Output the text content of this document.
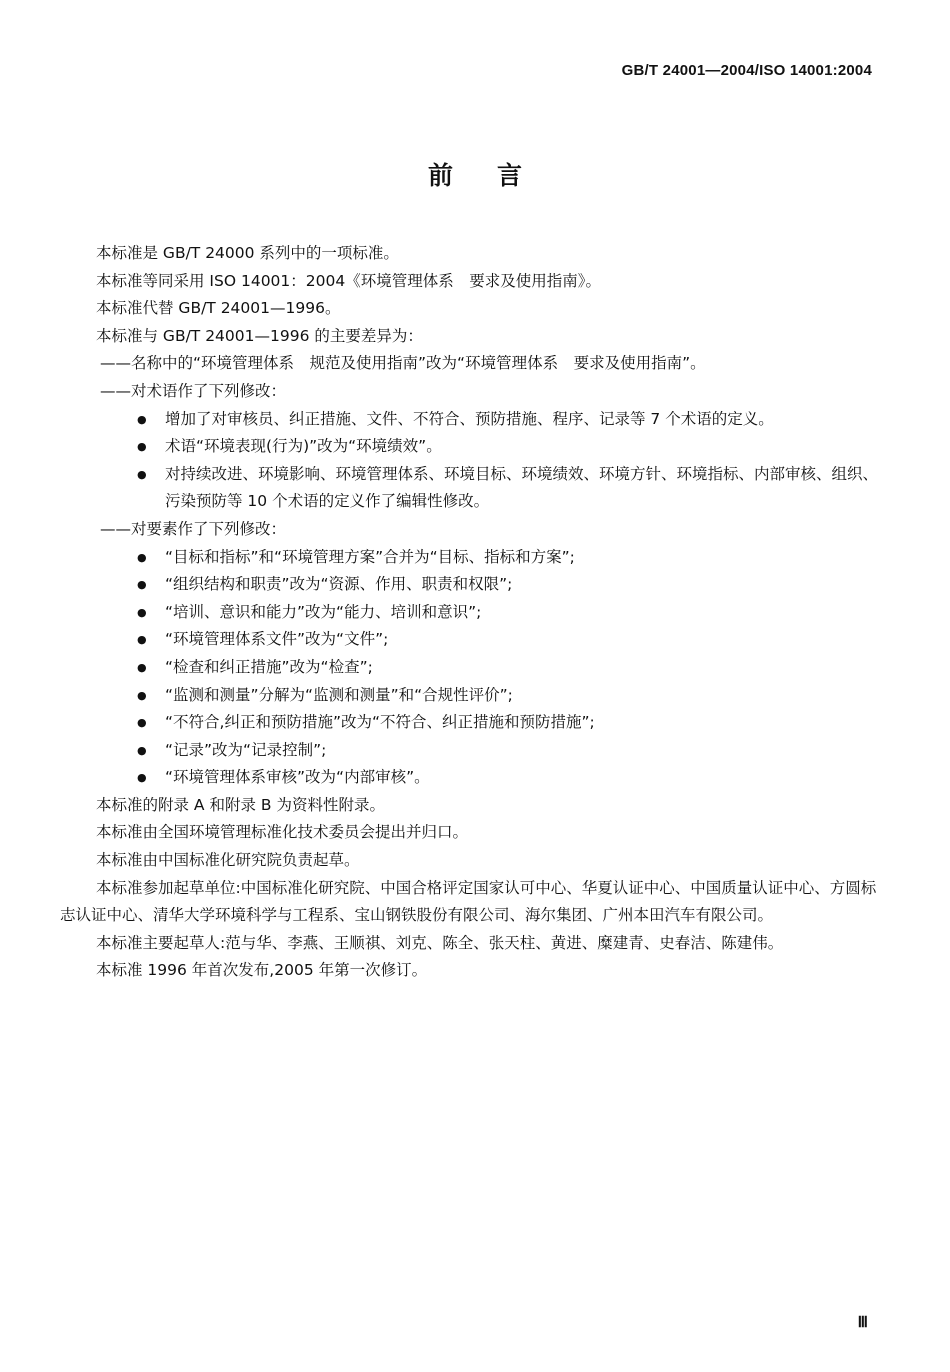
GB/T 24001—2004/ISO 14001:2004
前言

本标准是 GB/T 24000 系列中的一项标准。

本标准等同采用 ISO 14001：2004《环境管理体系　要求及使用指南》。

本标准代替 GB/T 24001—1996。

本标准与 GB/T 24001—1996 的主要差异为：

——名称中的“环境管理体系　规范及使用指南”改为“环境管理体系　要求及使用指南”。

——对术语作了下列修改：

● 增加了对审核员、纠正措施、文件、不符合、预防措施、程序、记录等 7 个术语的定义。
● 术语“环境表现(行为)”改为“环境绩效”。
● 对持续改进、环境影响、环境管理体系、环境目标、环境绩效、环境方针、环境指标、内部审核、组织、污染预防等 10 个术语的定义作了编辑性修改。

——对要素作了下列修改：

● “目标和指标”和“环境管理方案”合并为“目标、指标和方案”;
● “组织结构和职责”改为“资源、作用、职责和权限”;
● “培训、意识和能力”改为“能力、培训和意识”;
● “环境管理体系文件”改为“文件”;
● “检查和纠正措施”改为“检查”;
● “监测和测量”分解为“监测和测量”和“合规性评价”;
● “不符合,纠正和预防措施”改为“不符合、纠正措施和预防措施”;
● “记录”改为“记录控制”;
● “环境管理体系审核”改为“内部审核”。

本标准的附录 A 和附录 B 为资料性附录。

本标准由全国环境管理标准化技术委员会提出并归口。

本标准由中国标准化研究院负责起草。

本标准参加起草单位:中国标准化研究院、中国合格评定国家认可中心、华夏认证中心、中国质量认证中心、方圆标志认证中心、清华大学环境科学与工程系、宝山钢铁股份有限公司、海尔集团、广州本田汽车有限公司。

本标准主要起草人:范与华、李燕、王顺祺、刘克、陈全、张天柱、黄进、糜建青、史春洁、陈建伟。

本标准 1996 年首次发布,2005 年第一次修订。

Ⅲ
